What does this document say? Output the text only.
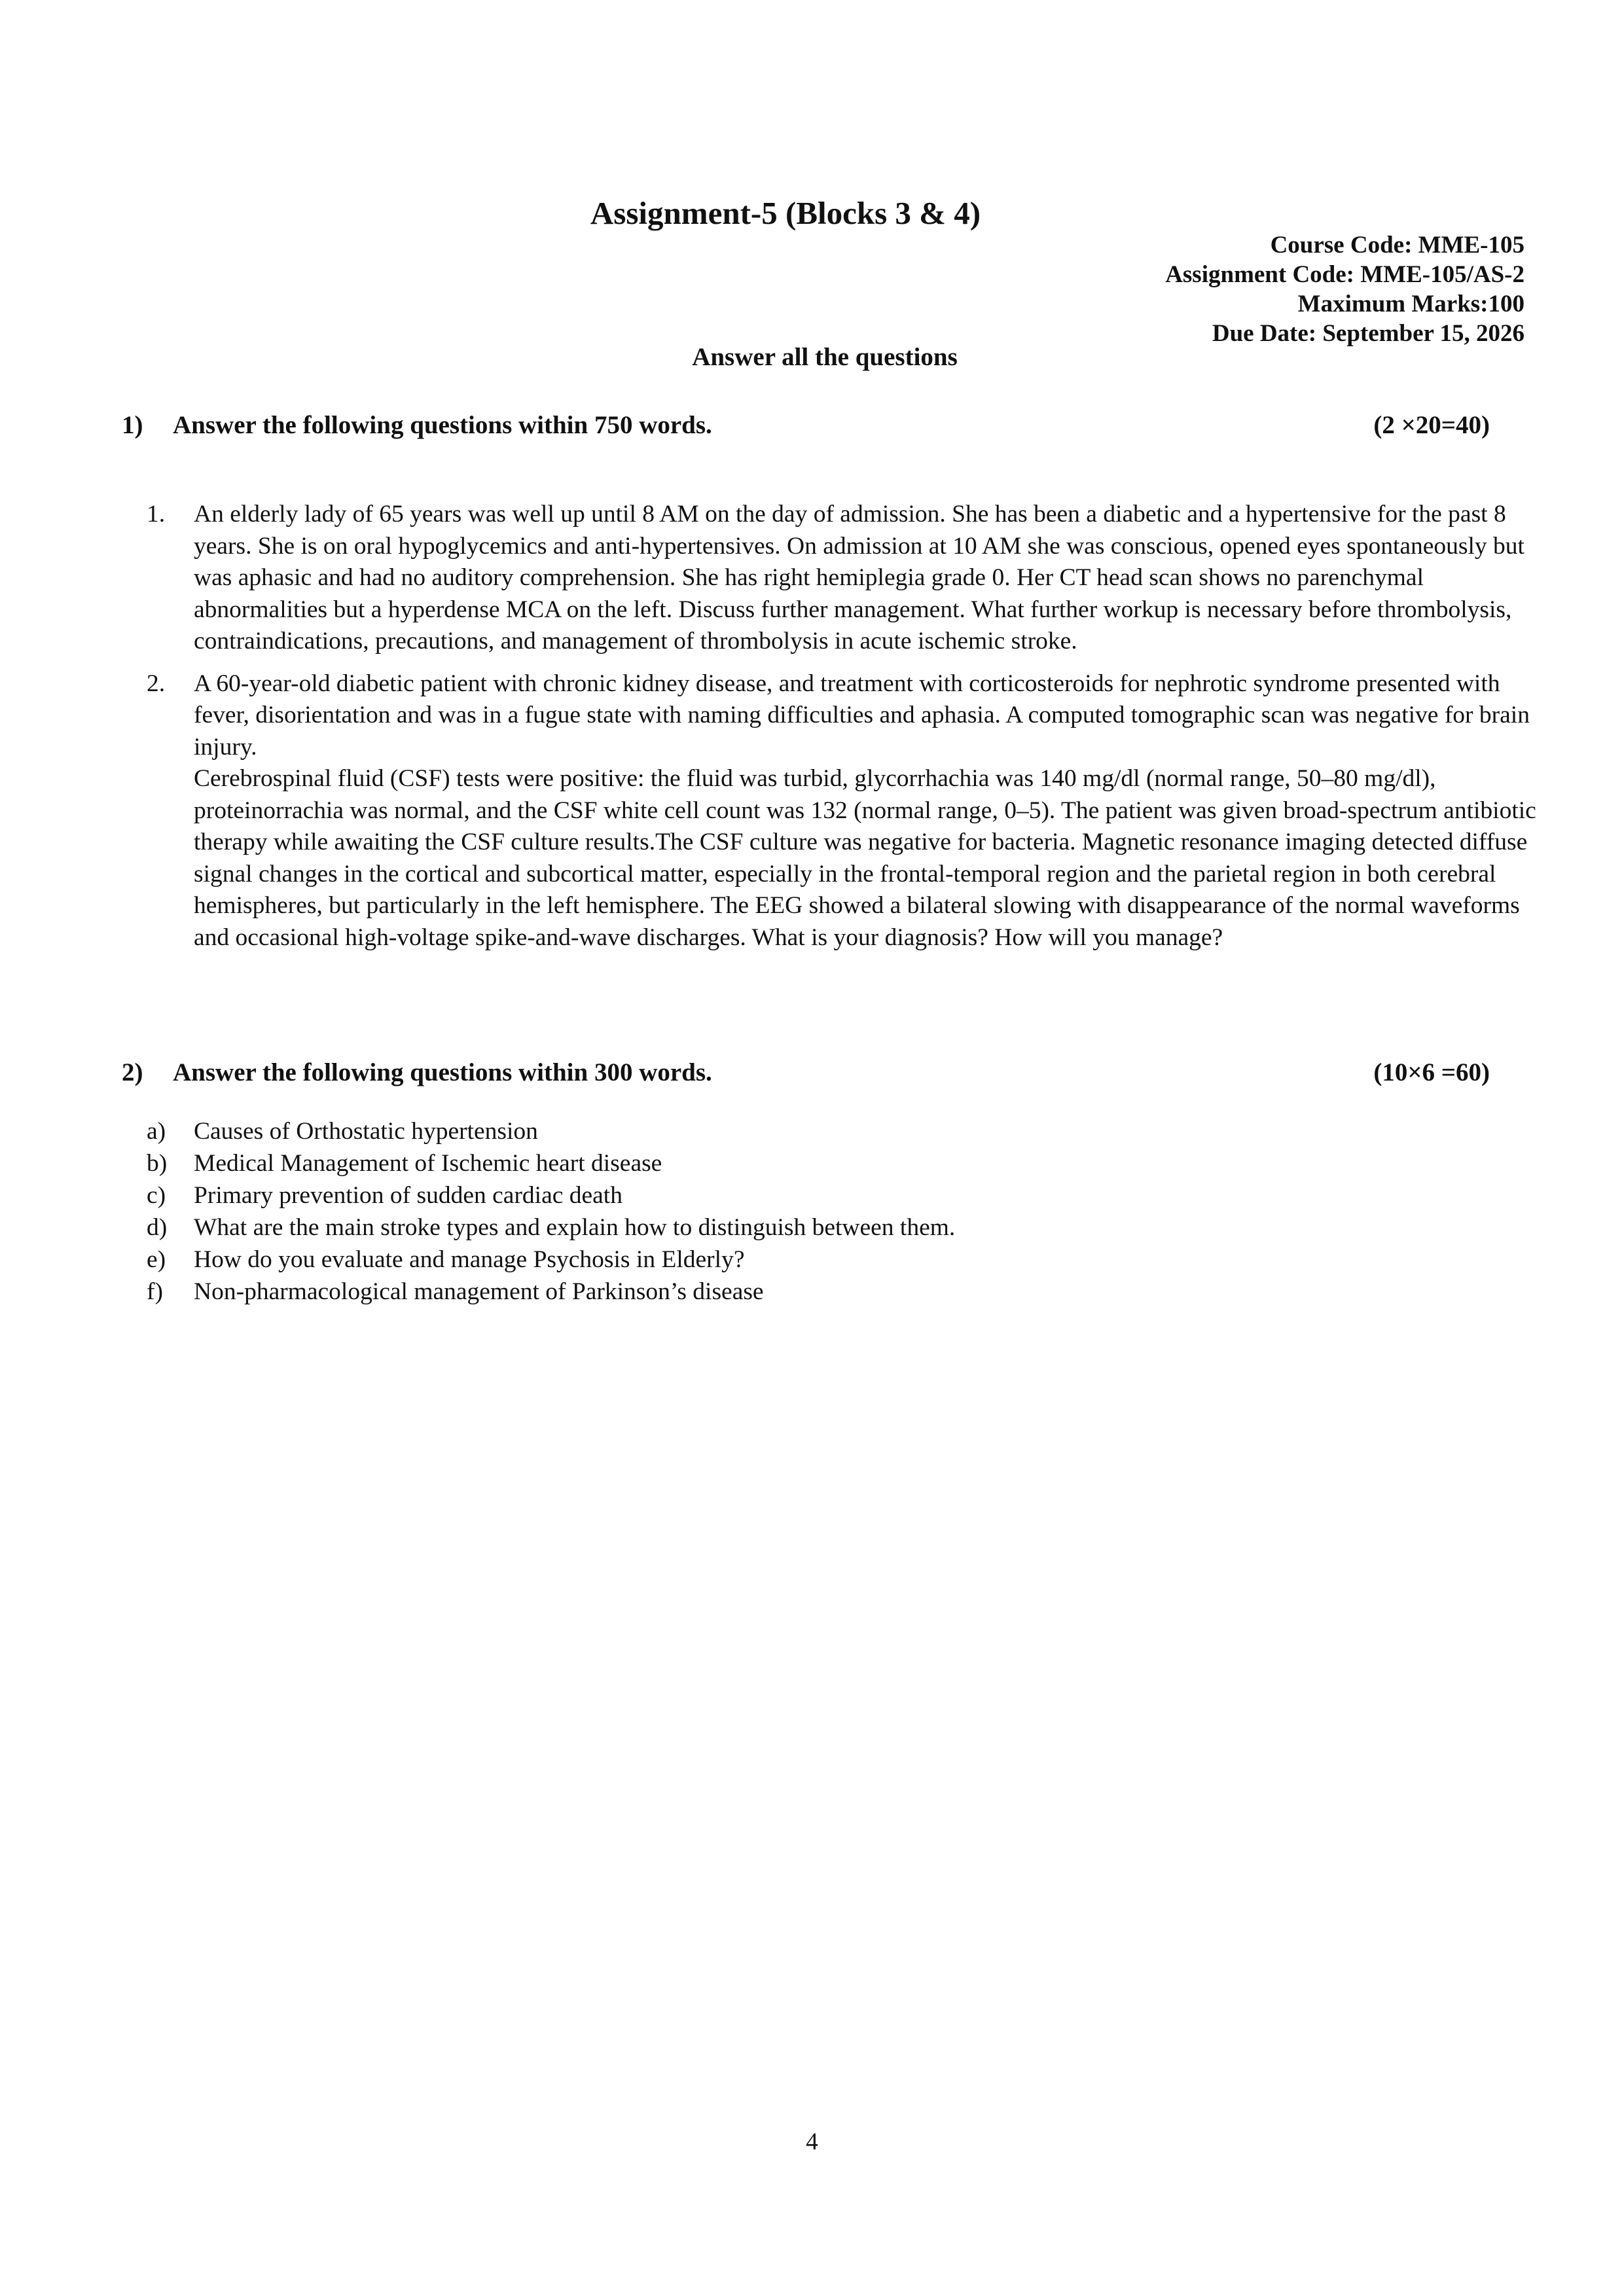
Assignment-5 (Blocks 3 & 4)
Course Code: MME-105
Assignment Code: MME-105/AS-2
Maximum Marks:100
Due Date: September 15, 2026
Answer all the questions
1) Answer the following questions within 750 words.	(2 ×20=40)
1.	An elderly lady of 65 years was well up until 8 AM on the day of admission. She has been a diabetic and a hypertensive for the past 8 years. She is on oral hypoglycemics and anti-hypertensives. On admission at 10 AM she was conscious, opened eyes spontaneously but was aphasic and had no auditory comprehension. She has right hemiplegia grade 0. Her CT head scan shows no parenchymal abnormalities but a hyperdense MCA on the left. Discuss further management. What further workup is necessary before thrombolysis, contraindications, precautions, and management of thrombolysis in acute ischemic stroke.

2.	A 60-year-old diabetic patient with chronic kidney disease, and treatment with corticosteroids for nephrotic syndrome presented with fever, disorientation and was in a fugue state with naming difficulties and aphasia. A computed tomographic scan was negative for brain injury.

Cerebrospinal fluid (CSF) tests were positive: the fluid was turbid, glycorrhachia was 140 mg/dl (normal range, 50–80 mg/dl), proteinorrachia was normal, and the CSF white cell count was 132 (normal range, 0–5). The patient was given broad-spectrum antibiotic therapy while awaiting the CSF culture results.The CSF culture was negative for bacteria. Magnetic resonance imaging detected diffuse signal changes in the cortical and subcortical matter, especially in the frontal-temporal region and the parietal region in both cerebral hemispheres, but particularly in the left hemisphere. The EEG showed a bilateral slowing with disappearance of the normal waveforms and occasional high-voltage spike-and-wave discharges. What is your diagnosis? How will you manage?

2) Answer the following questions within 300 words.	(10×6 =60)
a)	Causes of Orthostatic hypertension
b)	Medical Management of Ischemic heart disease
c)	Primary prevention of sudden cardiac death
d)	What are the main stroke types and explain how to distinguish between them.
e)	How do you evaluate and manage Psychosis in Elderly?
f)	Non-pharmacological management of Parkinson’s disease
4
